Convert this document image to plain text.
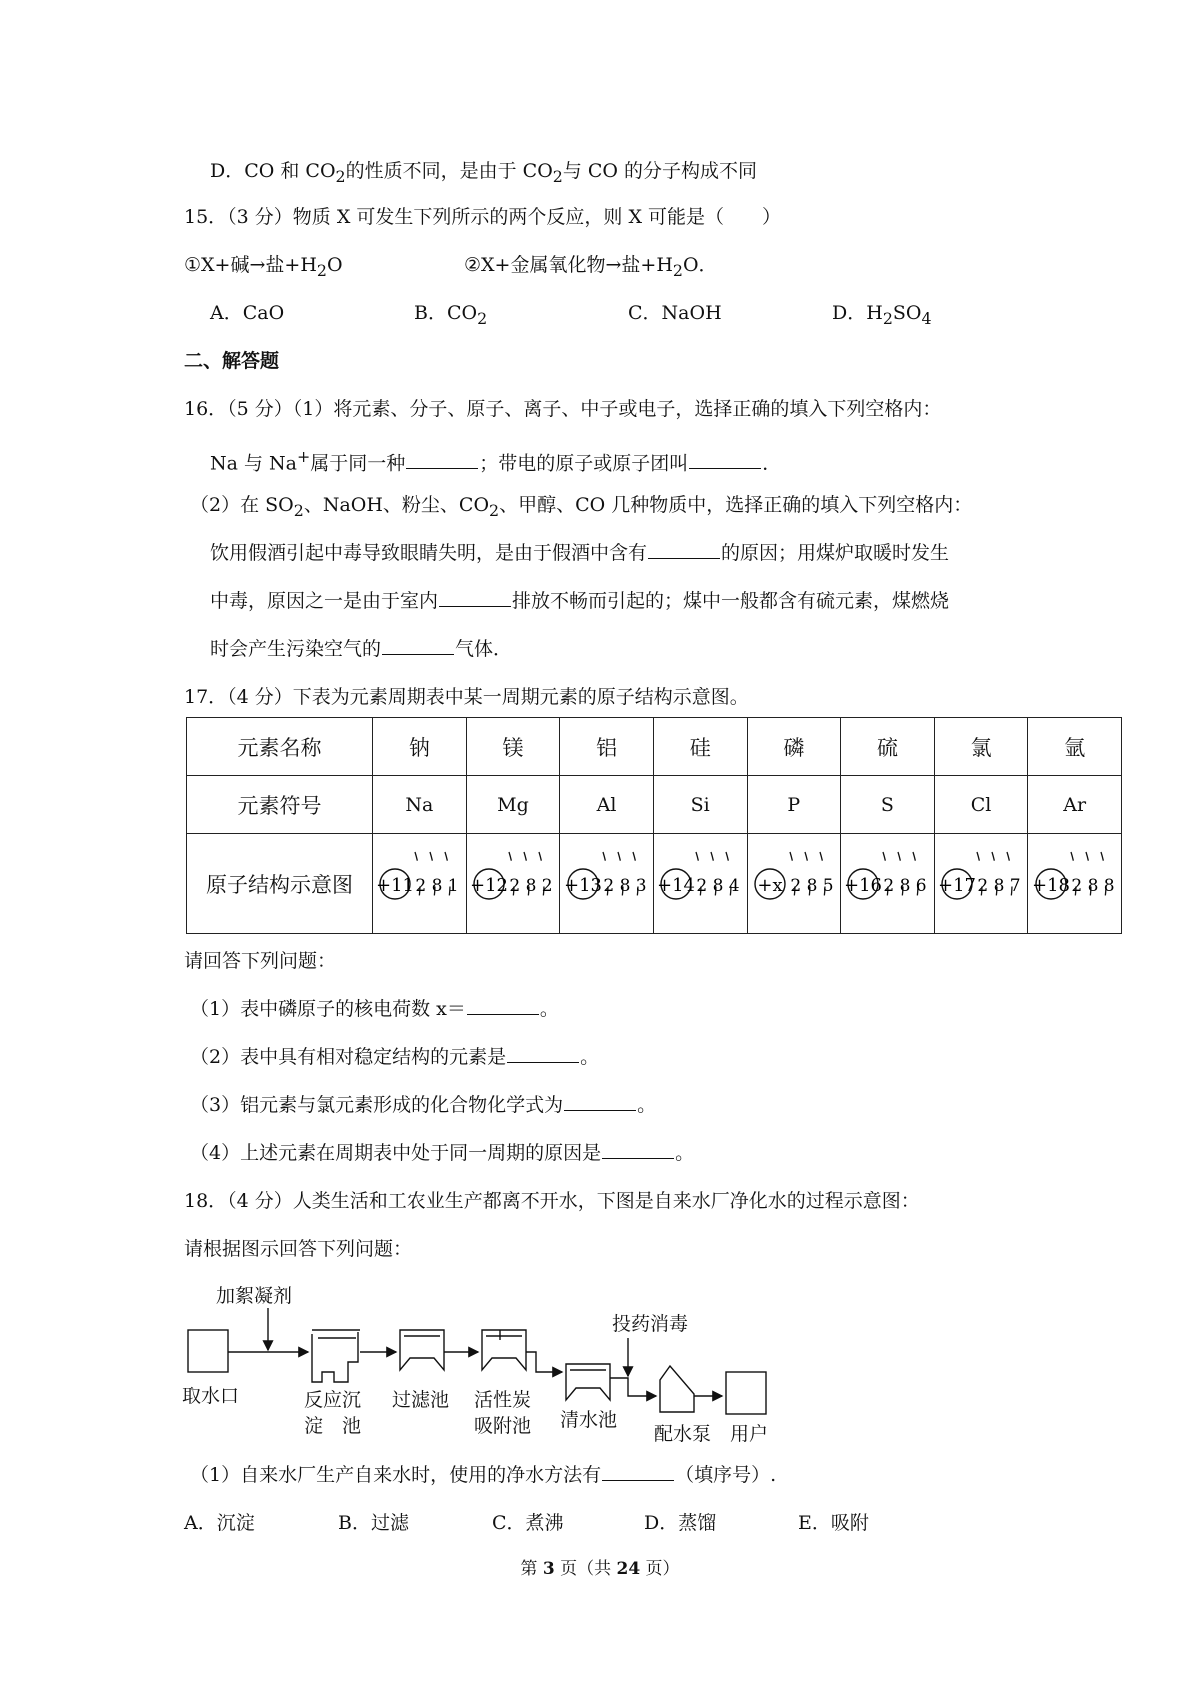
D．CO 和 $CO_2$的性质不同，是由于 $CO_2$与 CO 的分子构成不同
15．（3 分）物质 X 可发生下列所示的两个反应，则 X 可能是（　　）
①X+碱→盐$+H_2O$	②X+金属氧化物→盐$+H_2O$．
A．CaO	B．$CO_2$	C．NaOH	D．$H_2SO_4$
二、解答题
16．（5 分）（1）将元素、分子、原子、离子、中子或电子，选择正确的填入下列空格内：
Na 与 Na+属于同一种	；带电的原子或原子团叫	．
（2）在 $SO_2$、NaOH、粉尘、$CO_2$、甲醇、CO 几种物质中，选择正确的填入下列空格内：
饮用假酒引起中毒导致眼睛失明，是由于假酒中含有	的原因；用煤炉取暖时发生
中毒，原因之一是由于室内	排放不畅而引起的；煤中一般都含有硫元素，煤燃烧
时会产生污染空气的	气体．
17．（4 分）下表为元素周期表中某一周期元素的原子结构示意图。
元素名称	钠	镁	铝	硅	磷	硫	氯	氩
元素符号	Na	Mg	Al	Si	P	S	Cl	Ar
原子结构示意图	+11 2 8 1	+12 2 8 2	+13 2 8 3	+14 2 8 4	+x 2 8 5	+16 2 8 6	+17 2 8 7	+18 2 8 8
请回答下列问题：
（1）表中磷原子的核电荷数 x＝	。
（2）表中具有相对稳定结构的元素是	。
（3）铝元素与氯元素形成的化合物化学式为	。
（4）上述元素在周期表中处于同一周期的原因是	。
18．（4 分）人类生活和工农业生产都离不开水，下图是自来水厂净化水的过程示意图：
请根据图示回答下列问题：
加絮凝剂
取水口	反应沉
淀　池
过滤池 活性炭
吸附池 清水池
投药消毒
配水泵 用户
（1）自来水厂生产自来水时，使用的净水方法有	（填序号）.
A．沉淀	B．过滤	C．煮沸	D．蒸馏	E．吸附
第 3 页（共 24 页）
